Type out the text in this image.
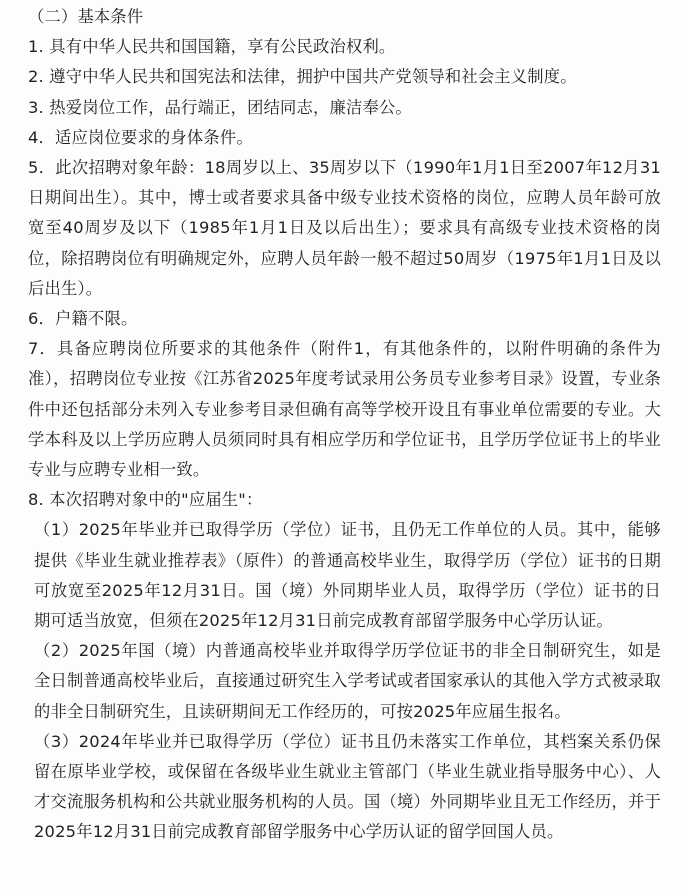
（二）基本条件

1. 具有中华人民共和国国籍，享有公民政治权利。

2. 遵守中华人民共和国宪法和法律，拥护中国共产党领导和社会主义制度。

3. 热爱岗位工作，品行端正，团结同志，廉洁奉公。

4．适应岗位要求的身体条件。

5．此次招聘对象年龄：18周岁以上、35周岁以下（1990年1月1日至2007年12月31日期间出生）。其中，博士或者要求具备中级专业技术资格的岗位，应聘人员年龄可放宽至40周岁及以下（1985年1月1日及以后出生）；要求具有高级专业技术资格的岗位，除招聘岗位有明确规定外，应聘人员年龄一般不超过50周岁（1975年1月1日及以后出生）。

6．户籍不限。

7．具备应聘岗位所要求的其他条件（附件1，有其他条件的，以附件明确的条件为准），招聘岗位专业按《江苏省2025年度考试录用公务员专业参考目录》设置，专业条件中还包括部分未列入专业参考目录但确有高等学校开设且有事业单位需要的专业。大学本科及以上学历应聘人员须同时具有相应学历和学位证书，且学历学位证书上的毕业专业与应聘专业相一致。

8. 本次招聘对象中的"应届生"：

（1）2025年毕业并已取得学历（学位）证书，且仍无工作单位的人员。其中，能够提供《毕业生就业推荐表》（原件）的普通高校毕业生，取得学历（学位）证书的日期可放宽至2025年12月31日。国（境）外同期毕业人员，取得学历（学位）证书的日期可适当放宽，但须在2025年12月31日前完成教育部留学服务中心学历认证。

（2）2025年国（境）内普通高校毕业并取得学历学位证书的非全日制研究生，如是全日制普通高校毕业后，直接通过研究生入学考试或者国家承认的其他入学方式被录取的非全日制研究生，且读研期间无工作经历的，可按2025年应届生报名。

（3）2024年毕业并已取得学历（学位）证书且仍未落实工作单位，其档案关系仍保留在原毕业学校，或保留在各级毕业生就业主管部门（毕业生就业指导服务中心）、人才交流服务机构和公共就业服务机构的人员。国（境）外同期毕业且无工作经历，并于2025年12月31日前完成教育部留学服务中心学历认证的留学回国人员。
